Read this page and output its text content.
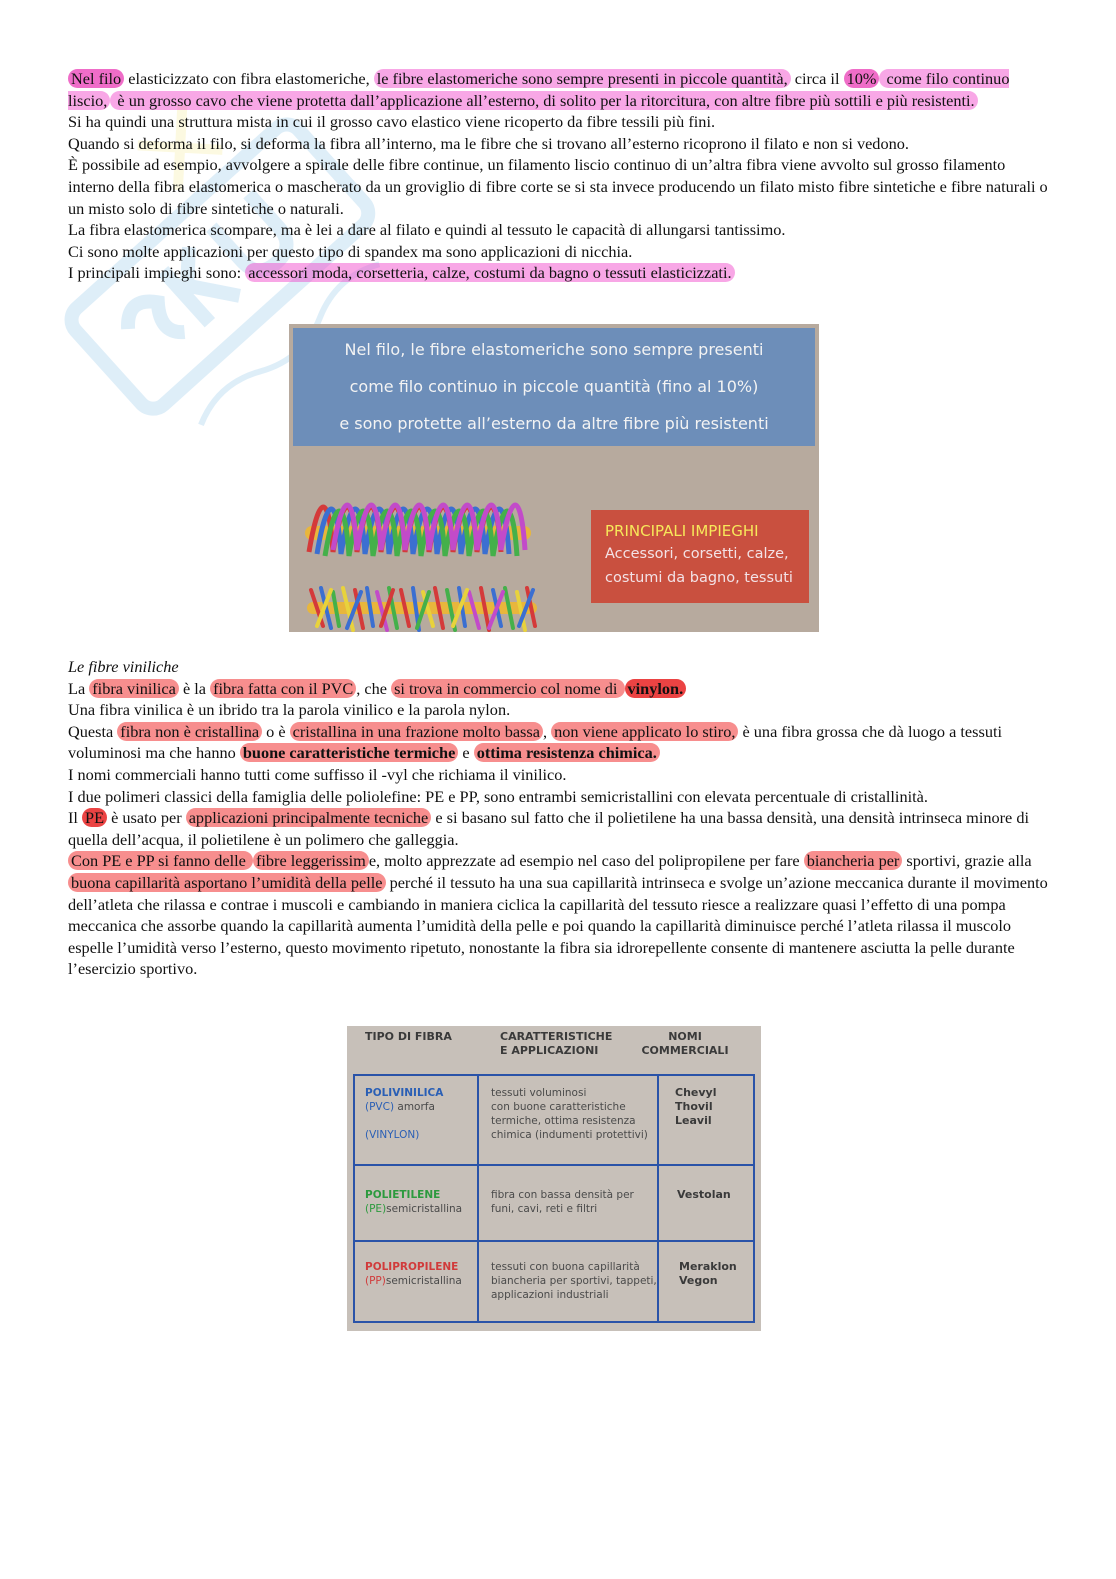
Nel filo elasticizzato con fibra elastomeriche, le fibre elastomeriche sono sempre presenti in piccole quantità, circa il 10% come filo continuo liscio, è un grosso cavo che viene protetta dall’applicazione all’esterno, di solito per la ritorcitura, con altre fibre più sottili e più resistenti.

Si ha quindi una struttura mista in cui il grosso cavo elastico viene ricoperto da fibre tessili più fini.

Quando si deforma il filo, si deforma la fibra all’interno, ma le fibre che si trovano all’esterno ricoprono il filato e non si vedono.

È possibile ad esempio, avvolgere a spirale delle fibre continue, un filamento liscio continuo di un’altra fibra viene avvolto sul grosso filamento interno della fibra elastomerica o mascherato da un groviglio di fibre corte se si sta invece producendo un filato misto fibre sintetiche e fibre naturali o un misto solo di fibre sintetiche o naturali.

La fibra elastomerica scompare, ma è lei a dare al filato e quindi al tessuto le capacità di allungarsi tantissimo.

Ci sono molte applicazioni per questo tipo di spandex ma sono applicazioni di nicchia.

I principali impieghi sono: accessori moda, corsetteria, calze, costumi da bagno o tessuti elasticizzati.

Nel filo, le fibre elastomeriche sono sempre presenti
come filo continuo in piccole quantità (fino al 10%)
e sono protette all’esterno da altre fibre più resistenti
PRINCIPALI IMPIEGHI
Accessori, corsetti, calze,
costumi da bagno, tessuti

Le fibre viniliche

La fibra vinilica è la fibra fatta con il PVC , che si trova in commercio col nome di vinylon.

Una fibra vinilica è un ibrido tra la parola vinilico e la parola nylon.

Questa fibra non è cristallina o è cristallina in una frazione molto bassa , non viene applicato lo stiro, è una fibra grossa che dà luogo a tessuti voluminosi ma che hanno buone caratteristiche termiche e ottima resistenza chimica.

I nomi commerciali hanno tutti come suffisso il -vyl che richiama il vinilico.

I due polimeri classici della famiglia delle poliolefine: PE e PP, sono entrambi semicristallini con elevata percentuale di cristallinità.

Il PE è usato per applicazioni principalmente tecniche e si basano sul fatto che il polietilene ha una bassa densità, una densità intrinseca minore di quella dell’acqua, il polietilene è un polimero che galleggia.

Con PE e PP si fanno delle fibre leggerissim e, molto apprezzate ad esempio nel caso del polipropilene per fare biancheria per sportivi, grazie alla buona capillarità asportano l’umidità della pelle perché il tessuto ha una sua capillarità intrinseca e svolge un’azione meccanica durante il movimento dell’atleta che rilassa e contrae i muscoli e cambiando in maniera ciclica la capillarità del tessuto riesce a realizzare quasi l’effetto di una pompa meccanica che assorbe quando la capillarità aumenta l’umidità della pelle e poi quando la capillarità diminuisce perché l’atleta rilassa il muscolo espelle l’umidità verso l’esterno, questo movimento ripetuto, nonostante la fibra sia idrorepellente consente di mantenere asciutta la pelle durante l’esercizio sportivo.

TIPO DI FIBRA	CARATTERISTICHE
E APPLICAZIONI
NOMI
COMMERCIALI
POLIVINILICA
(PVC) amorfa
(VINYLON)
tessuti voluminosi
con buone caratteristiche
termiche, ottima resistenza
chimica (indumenti protettivi)
Chevyl
Thovil
Leavil
POLIETILENE
(PE)semicristallina
fibra con bassa densità per
funi, cavi, reti e filtri
Vestolan
POLIPROPILENE
(PP)semicristallina
tessuti con buona capillarità
biancheria per sportivi, tappeti,
applicazioni industriali
Meraklon
Vegon
